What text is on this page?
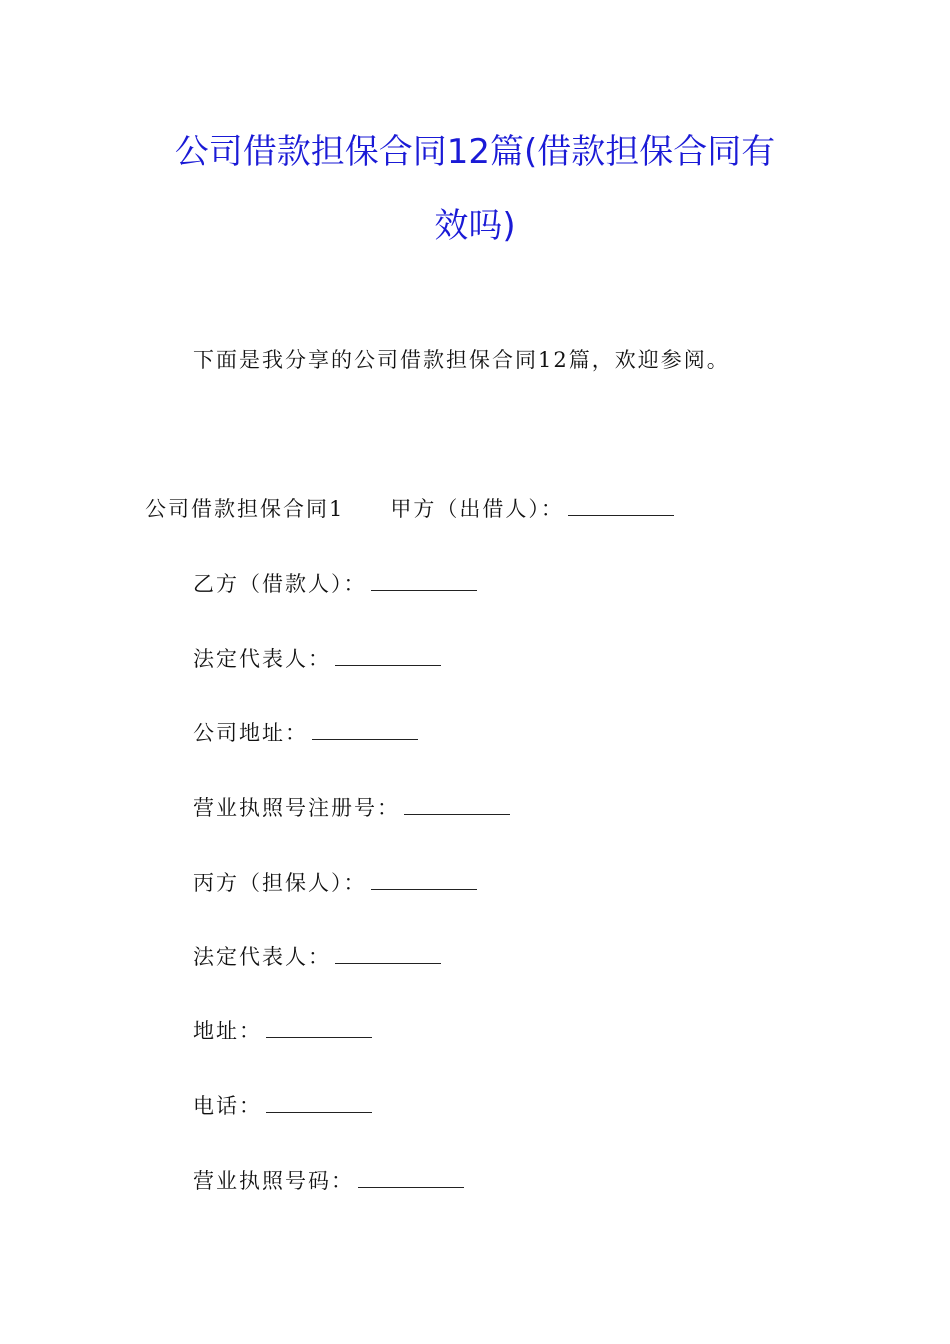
公司借款担保合同12篇(借款担保合同有
效吗)
下面是我分享的公司借款担保合同12篇，欢迎参阅。
公司借款担保合同1 甲方（出借人）：
乙方（借款人）：
法定代表人：
公司地址：
营业执照号注册号：
丙方（担保人）：
法定代表人：
地址：
电话：
营业执照号码：
